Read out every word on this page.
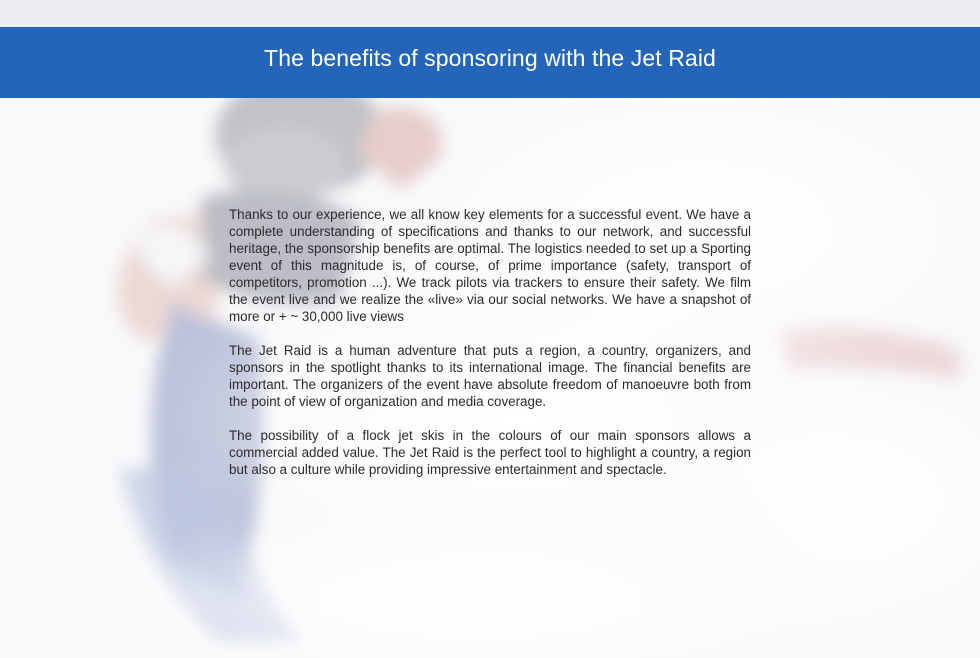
The benefits of sponsoring with the Jet Raid

Thanks to our experience, we all know key elements for a successful event. We have a complete understanding of specifications and thanks to our network, and successful heritage, the sponsorship benefits are optimal. The logistics needed to set up a Sporting event of this magnitude is, of course, of prime importance (safety, transport of competitors, promotion ...). We track pilots via trackers to ensure their safety. We film the event live and we realize the «live» via our social networks. We have a snapshot of more or + ~ 30,000 live views

The Jet Raid is a human adventure that puts a region, a country, organizers, and sponsors in the spotlight thanks to its international image. The financial benefits are important. The organizers of the event have absolute freedom of manoeuvre both from the point of view of organization and media coverage.

The possibility of a flock jet skis in the colours of our main sponsors allows a commercial added value. The Jet Raid is the perfect tool to highlight a country, a region but also a culture while providing impressive entertainment and spectacle.
